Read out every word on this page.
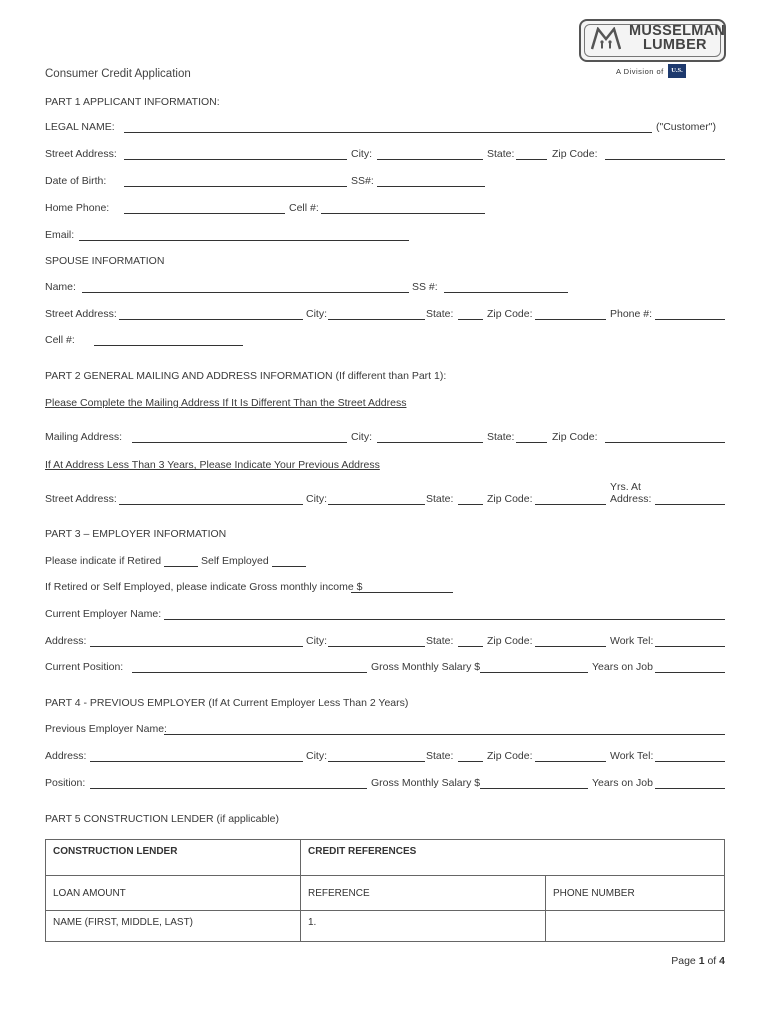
MUSSELMAN
LUMBER
A Division of	U.S.
Consumer Credit Application
PART 1 APPLICANT INFORMATION:
LEGAL NAME:	("Customer")
Street Address:	City:	State:	Zip Code:
Date of Birth:	SS#:
Home Phone:	Cell #:
Email:
SPOUSE INFORMATION
Name:	SS #:
Street Address:	City:	State:	Zip Code:	Phone #:
Cell #:
PART 2 GENERAL MAILING AND ADDRESS INFORMATION (If different than Part 1):
Please Complete the Mailing Address If It Is Different Than the Street Address
Mailing Address:	City:	State:	Zip Code:
If At Address Less Than 3 Years, Please Indicate Your Previous Address
Yrs. At
Street Address:	City:	State:	Zip Code:	Address:
PART 3 – EMPLOYER INFORMATION
Please indicate if Retired	Self Employed
If Retired or Self Employed, please indicate Gross monthly income $
Current Employer Name:
Address:	City:	State:	Zip Code:	Work Tel:
Current Position:	Gross Monthly Salary $	Years on Job
PART 4 - PREVIOUS EMPLOYER (If At Current Employer Less Than 2 Years)
Previous Employer Name:
Address:	City:	State:	Zip Code:	Work Tel:
Position:	Gross Monthly Salary $	Years on Job
PART 5 CONSTRUCTION LENDER (if applicable)
CONSTRUCTION LENDER	CREDIT REFERENCES	
LOAN AMOUNT	REFERENCE	PHONE NUMBER
NAME (FIRST, MIDDLE, LAST)	1.	
Page 1 of 4
